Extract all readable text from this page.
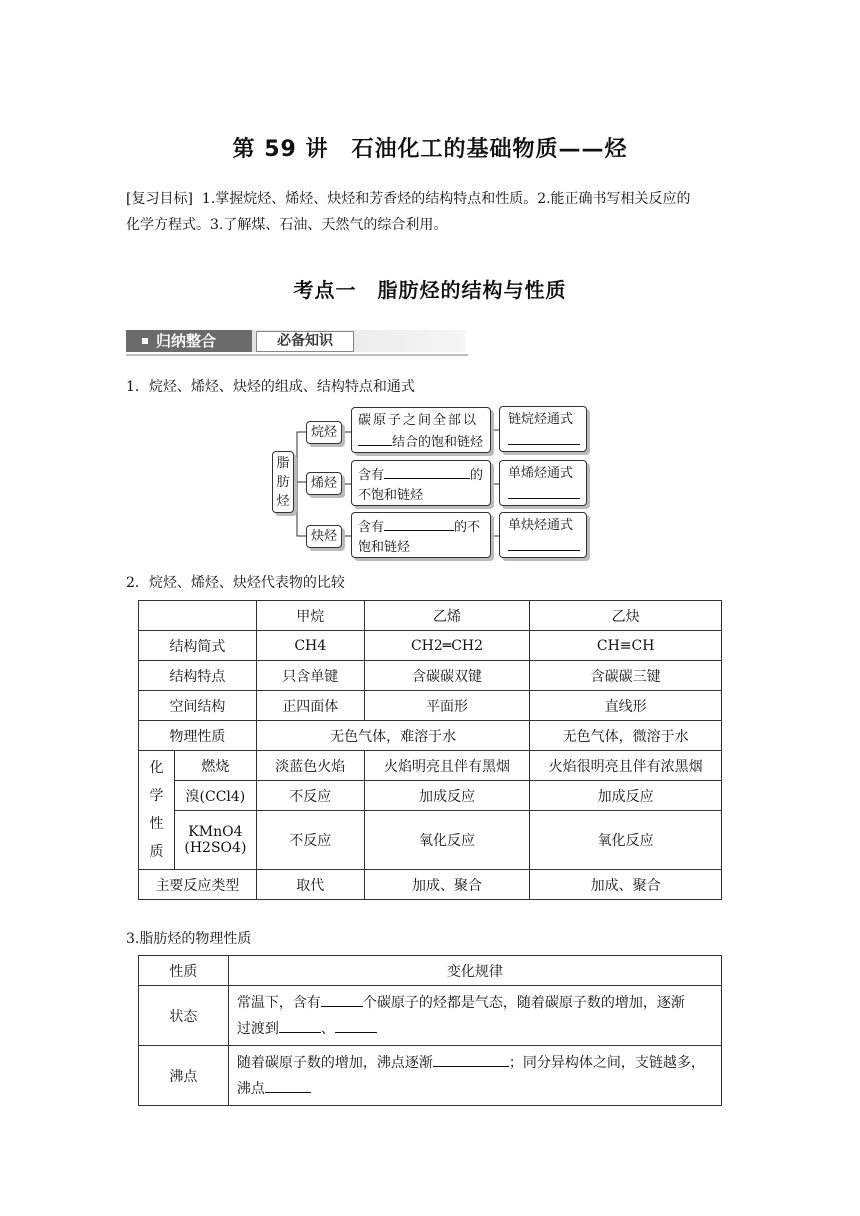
第 59 讲　石油化工的基础物质——烃
[复习目标] 1.掌握烷烃、烯烃、炔烃和芳香烃的结构特点和性质。2.能正确书写相关反应的
化学方程式。3.了解煤、石油、天然气的综合利用。
考点一　脂肪烃的结构与性质
归纳整合	必备知识
1．烷烃、烯烃、炔烃的组成、结构特点和通式
脂
肪
烃
烷烃
碳原子之间全部以
结合的饱和链烃
链烷烃通式
烯烃
含有	的
不饱和链烃
单烯烃通式
炔烃
含有	的不
饱和链烃
单炔烃通式
2．烷烃、烯烃、炔烃代表物的比较
		甲烷	乙烯	乙炔
结构简式		CH4	CH2═CH2	CH≡CH
结构特点		只含单键	含碳碳双键	含碳碳三键
空间结构		正四面体	平面形	直线形
物理性质		无色气体，难溶于水		无色气体，微溶于水

化
学
性
质	燃烧	淡蓝色火焰	火焰明亮且伴有黑烟	火焰很明亮且伴有浓黑烟
	溴(CCl4)	不反应	加成反应	加成反应

	KMnO4
(H2SO4)	不反应	氧化反应	氧化反应
主要反应类型		取代	加成、聚合	加成、聚合
3.脂肪烃的物理性质
性质	变化规律
状态	常温下，含有 个碳原子的烃都是气态，随着碳原子数的增加，逐渐
过渡到 、

沸点	随着碳原子数的增加，沸点逐渐 ；同分异构体之间，支链越多，
沸点
